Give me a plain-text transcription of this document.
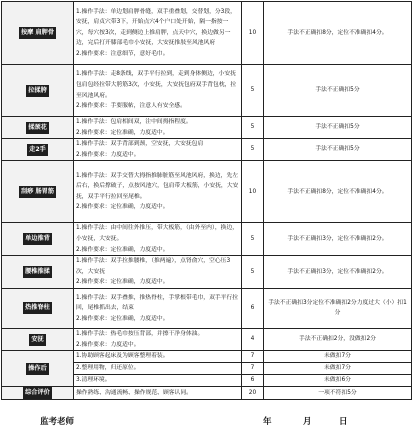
按摩 肩胛骨	1.操作手法：单边划肩胛骨缝，双手重叠划，交替划，分3段，安抚，肩贞穴带3下，开始点穴4个户口处开始，隔一指按一穴，每穴按3次，走到侧边上推肩胛，点天中穴，换边做另一边，完后打开膝部毛巾小安抚，大安抚推肢至风池风府
2.操作要求：注意细节，意好毛巾。	10	手法不正确扣8分，定位不准确扣4分。
拉揉胯	1.操作手法：走8条线，双手平行拉到，走到身体侧边，小安抚包肩包经拉带大胯筋3次，小安抚，大安抚包府双手背包枕，拉至风池风府。
2.操作要求：手要服帖，注意人有安全感。	5	手法不正确扣5分
揉颈花	1.操作手法：包肩相间双，注中间拇指程度。
2.操作要求：定位准确，力度适中。	5	手法不正确扣5分
走2手	1.操作手法：双手背部到颈，空安抚，大安抚包肩
2.操作要求：力度适中。	5	手法不正确扣5分
刮痧 肠胃筋	1.操作手法：双手交替大拇指推肺脏筋至风池风府，换边，先左后右，换后撑破子，点按风池穴，包肩带大板筋，小安抚，大安抚，双手平行拉回至尾椎。
2.操作要求：定位准确，力度适中。	10	手法不正确扣8分，定位不准确扣4分。
单边推背	1.操作手法：由中间往外推压，带大板筋，（由外至内），换边，小安抚，大安抚。
2.操作要求：定位准确，力度适中。	5	手法不正确扣3分，定位不准确扣2分。
腰椎推揉	1.操作手法：双手拉推腰椎，（推两遍），点肾俞穴，空心压3次，大安抚
2.操作要求：定位准确，力度适中。	5	手法不正确扣3分，定位不准确扣2分。
热推脊柱	1.操作手法：双手叠推，推热脊柱，手掌根带毛巾，双手平行拉回，尾椎抓出去，结束
2.操作要求：定位准确，力度适中。	6	手法不正确扣3分定位不准确扣2分力度过大（小）扣1分
安抚	1.操作手法：热毛巾按压背部，并擦干净身体油。
2.操作要求：力度适中。	4	手法不正确扣2分，没做扣2分
操作后	1.协助顾客起床及为顾客整理着装。	7	未做扣7分
	2.整理用物，归还原位。	7	未做扣7分
	3.清理环境。	6	未做扣6分
综合评价	操作熟练、沟通流畅、操作规范、顾客认同。	20	一项不符扣5分
监考老师	年	月	日
